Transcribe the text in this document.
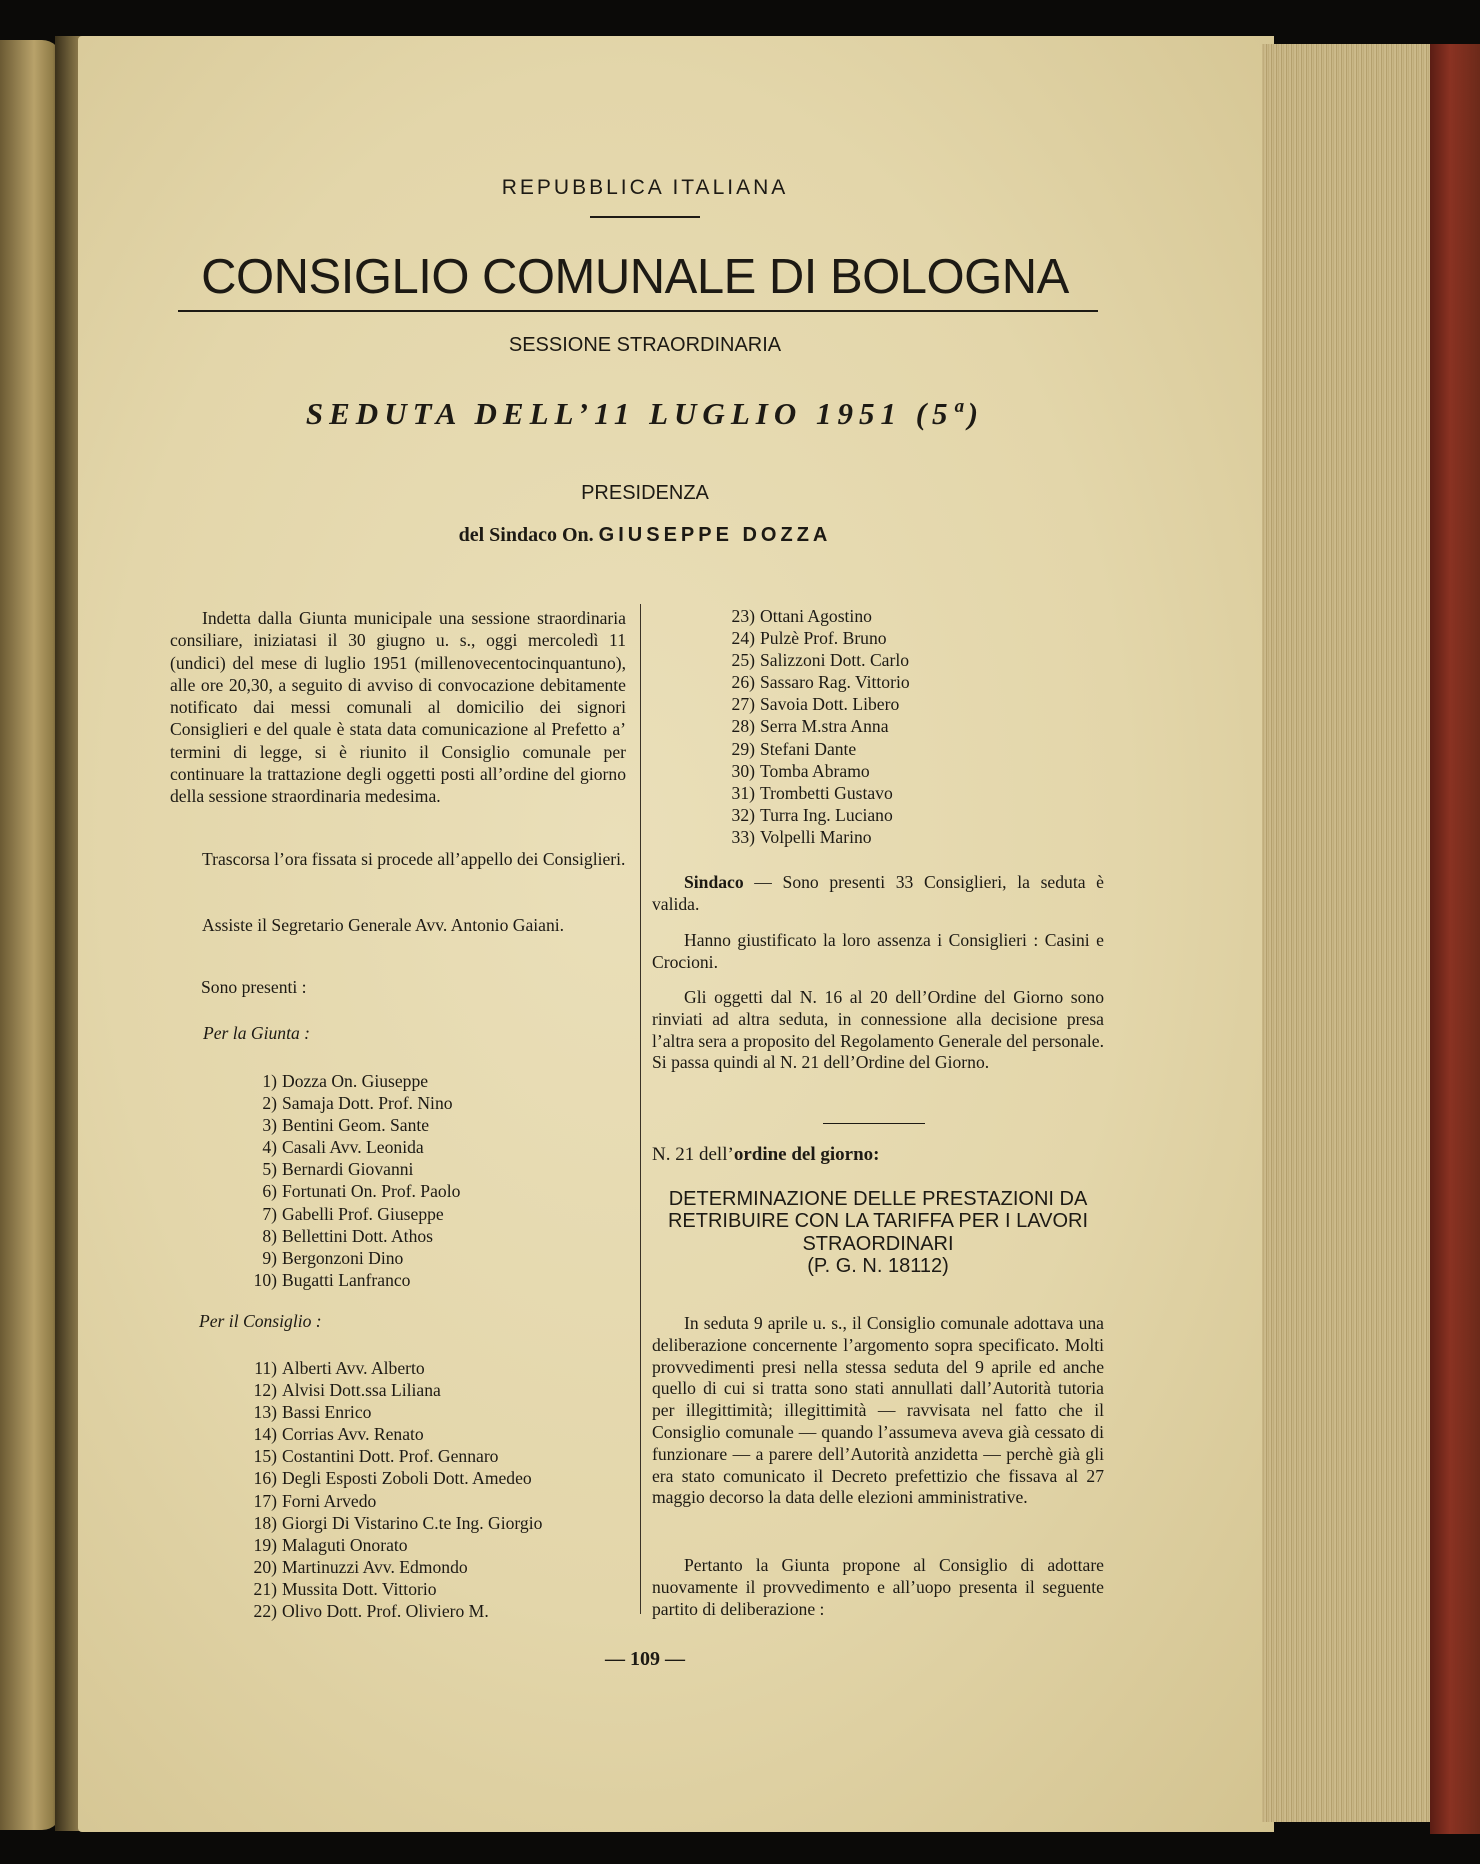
REPUBBLICA ITALIANA

CONSIGLIO COMUNALE DI BOLOGNA

SESSIONE STRAORDINARIA

SEDUTA DELL’11 LUGLIO 1951 (5ª)

PRESIDENZA

del Sindaco On. GIUSEPPE DOZZA

Indetta dalla Giunta municipale una sessione straordinaria consiliare, iniziatasi il 30 giugno u. s., oggi mercoledì 11 (undici) del mese di luglio 1951 (millenovecentocinquantuno), alle ore 20,30, a seguito di avviso di convocazione debitamente notificato dai messi comunali al domicilio dei signori Consiglieri e del quale è stata data comunicazione al Prefetto a’ termini di legge, si è riunito il Consiglio comunale per continuare la trattazione degli oggetti posti all’ordine del giorno della sessione straordinaria medesima.

Trascorsa l’ora fissata si procede all’appello dei Consiglieri.

Assiste il Segretario Generale Avv. Antonio Gaiani.

Sono presenti :

Per la Giunta :

1) Dozza On. Giuseppe
2) Samaja Dott. Prof. Nino
3) Bentini Geom. Sante
4) Casali Avv. Leonida
5) Bernardi Giovanni
6) Fortunati On. Prof. Paolo
7) Gabelli Prof. Giuseppe
8) Bellettini Dott. Athos
9) Bergonzoni Dino
10) Bugatti Lanfranco

Per il Consiglio :

11) Alberti Avv. Alberto
12) Alvisi Dott.ssa Liliana
13) Bassi Enrico
14) Corrias Avv. Renato
15) Costantini Dott. Prof. Gennaro
16) Degli Esposti Zoboli Dott. Amedeo
17) Forni Arvedo
18) Giorgi Di Vistarino C.te Ing. Giorgio
19) Malaguti Onorato
20) Martinuzzi Avv. Edmondo
21) Mussita Dott. Vittorio
22) Olivo Dott. Prof. Oliviero M.
23) Ottani Agostino
24) Pulzè Prof. Bruno
25) Salizzoni Dott. Carlo
26) Sassaro Rag. Vittorio
27) Savoia Dott. Libero
28) Serra M.stra Anna
29) Stefani Dante
30) Tomba Abramo
31) Trombetti Gustavo
32) Turra Ing. Luciano
33) Volpelli Marino

Sindaco — Sono presenti 33 Consiglieri, la seduta è valida.

Hanno giustificato la loro assenza i Consiglieri : Casini e Crocioni.

Gli oggetti dal N. 16 al 20 dell’Ordine del Giorno sono rinviati ad altra seduta, in connessione alla decisione presa l’altra sera a proposito del Regolamento Generale del personale. Si passa quindi al N. 21 dell’Ordine del Giorno.

N. 21 dell’ordine del giorno:

DETERMINAZIONE DELLE PRESTAZIONI DA RETRIBUIRE CON LA TARIFFA PER I LAVORI STRAORDINARI
(P. G. N. 18112)

In seduta 9 aprile u. s., il Consiglio comunale adottava una deliberazione concernente l’argomento sopra specificato. Molti provvedimenti presi nella stessa seduta del 9 aprile ed anche quello di cui si tratta sono stati annullati dall’Autorità tutoria per illegittimità; illegittimità — ravvisata nel fatto che il Consiglio comunale — quando l’assumeva aveva già cessato di funzionare — a parere dell’Autorità anzidetta — perchè già gli era stato comunicato il Decreto prefettizio che fissava al 27 maggio decorso la data delle elezioni amministrative.

Pertanto la Giunta propone al Consiglio di adottare nuovamente il provvedimento e all’uopo presenta il seguente partito di deliberazione :

— 109 —
